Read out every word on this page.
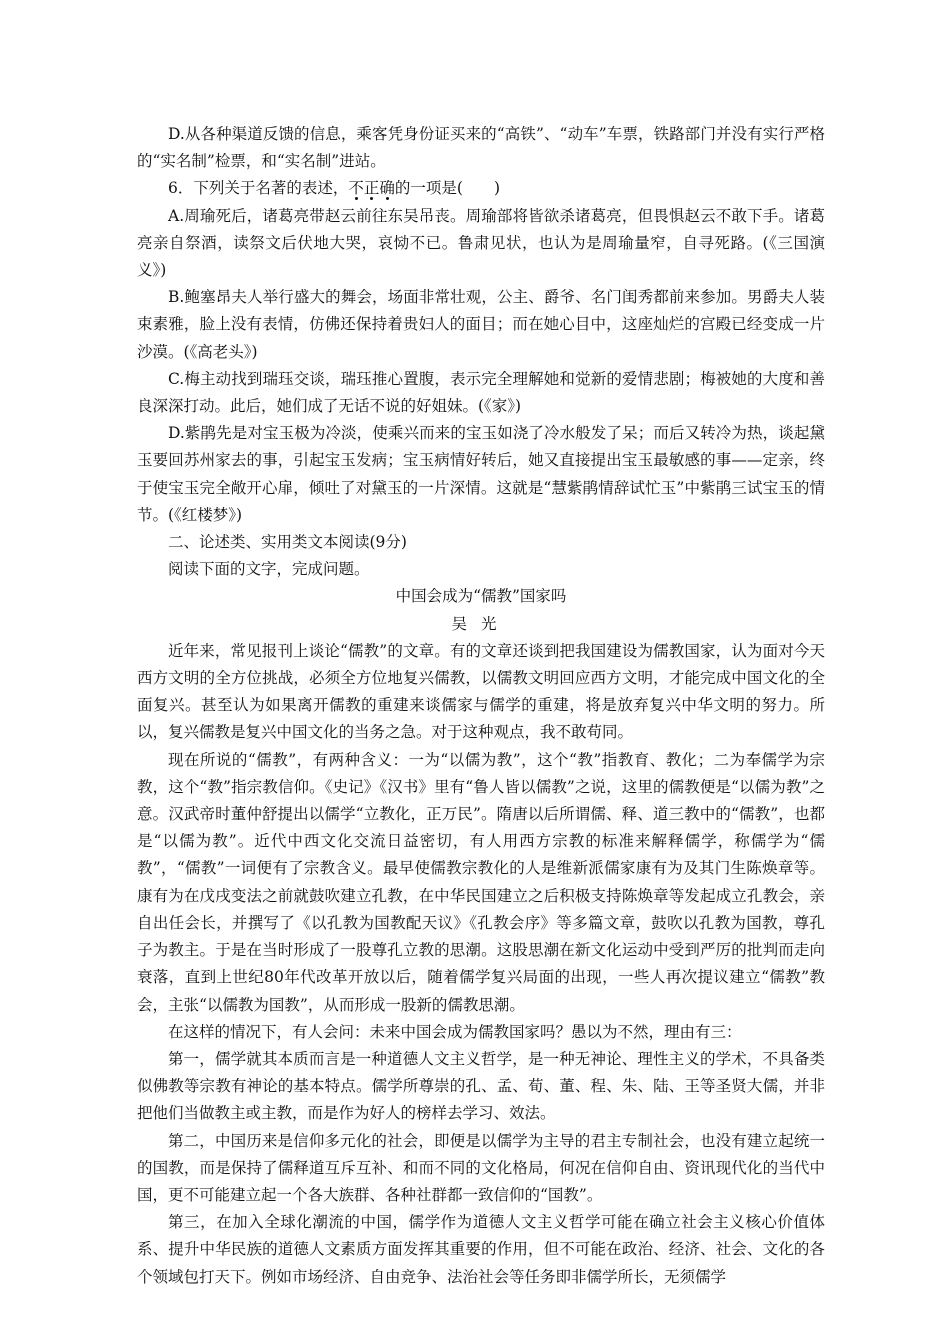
D.从各种渠道反馈的信息，乘客凭身份证买来的“高铁”、“动车”车票，铁路部门并没有实行严格的“实名制”检票，和“实名制”进站。

6．下列关于名著的表述，不正确的一项是(　　)

A.周瑜死后，诸葛亮带赵云前往东吴吊丧。周瑜部将皆欲杀诸葛亮，但畏惧赵云不敢下手。诸葛亮亲自祭酒，读祭文后伏地大哭，哀恸不已。鲁肃见状，也认为是周瑜量窄，自寻死路。(《三国演义》)

B.鲍塞昂夫人举行盛大的舞会，场面非常壮观，公主、爵爷、名门闺秀都前来参加。男爵夫人装束素雅，脸上没有表情，仿佛还保持着贵妇人的面目；而在她心目中，这座灿烂的宫殿已经变成一片沙漠。(《高老头》)

C.梅主动找到瑞珏交谈，瑞珏推心置腹，表示完全理解她和觉新的爱情悲剧；梅被她的大度和善良深深打动。此后，她们成了无话不说的好姐妹。(《家》)

D.紫鹃先是对宝玉极为冷淡，使乘兴而来的宝玉如浇了冷水般发了呆；而后又转冷为热，谈起黛玉要回苏州家去的事，引起宝玉发病；宝玉病情好转后，她又直接提出宝玉最敏感的事——定亲，终于使宝玉完全敞开心扉，倾吐了对黛玉的一片深情。这就是“慧紫鹃情辞试忙玉”中紫鹃三试宝玉的情节。(《红楼梦》)

二、论述类、实用类文本阅读(9分)

阅读下面的文字，完成问题。

中国会成为“儒教”国家吗

吴光

近年来，常见报刊上谈论“儒教”的文章。有的文章还谈到把我国建设为儒教国家，认为面对今天西方文明的全方位挑战，必须全方位地复兴儒教，以儒教文明回应西方文明，才能完成中国文化的全面复兴。甚至认为如果离开儒教的重建来谈儒家与儒学的重建，将是放弃复兴中华文明的努力。所以，复兴儒教是复兴中国文化的当务之急。对于这种观点，我不敢苟同。

现在所说的“儒教”，有两种含义：一为“以儒为教”，这个“教”指教育、教化；二为奉儒学为宗教，这个“教”指宗教信仰。《史记》《汉书》里有“鲁人皆以儒教”之说，这里的儒教便是“以儒为教”之意。汉武帝时董仲舒提出以儒学“立教化，正万民”。隋唐以后所谓儒、释、道三教中的“儒教”，也都是“以儒为教”。近代中西文化交流日益密切，有人用西方宗教的标准来解释儒学，称儒学为“儒教”，“儒教”一词便有了宗教含义。最早使儒教宗教化的人是维新派儒家康有为及其门生陈焕章等。康有为在戊戌变法之前就鼓吹建立孔教，在中华民国建立之后积极支持陈焕章等发起成立孔教会，亲自出任会长，并撰写了《以孔教为国教配天议》《孔教会序》等多篇文章，鼓吹以孔教为国教，尊孔子为教主。于是在当时形成了一股尊孔立教的思潮。这股思潮在新文化运动中受到严厉的批判而走向衰落，直到上世纪80年代改革开放以后，随着儒学复兴局面的出现，一些人再次提议建立“儒教”教会，主张“以儒教为国教”，从而形成一股新的儒教思潮。

在这样的情况下，有人会问：未来中国会成为儒教国家吗？愚以为不然，理由有三：

第一，儒学就其本质而言是一种道德人文主义哲学，是一种无神论、理性主义的学术，不具备类似佛教等宗教有神论的基本特点。儒学所尊崇的孔、孟、荀、董、程、朱、陆、王等圣贤大儒，并非把他们当做教主或主教，而是作为好人的榜样去学习、效法。

第二，中国历来是信仰多元化的社会，即便是以儒学为主导的君主专制社会，也没有建立起统一的国教，而是保持了儒释道互斥互补、和而不同的文化格局，何况在信仰自由、资讯现代化的当代中国，更不可能建立起一个各大族群、各种社群都一致信仰的“国教”。

第三，在加入全球化潮流的中国，儒学作为道德人文主义哲学可能在确立社会主义核心价值体系、提升中华民族的道德人文素质方面发挥其重要的作用，但不可能在政治、经济、社会、文化的各个领域包打天下。例如市场经济、自由竞争、法治社会等任务即非儒学所长，无须儒学
